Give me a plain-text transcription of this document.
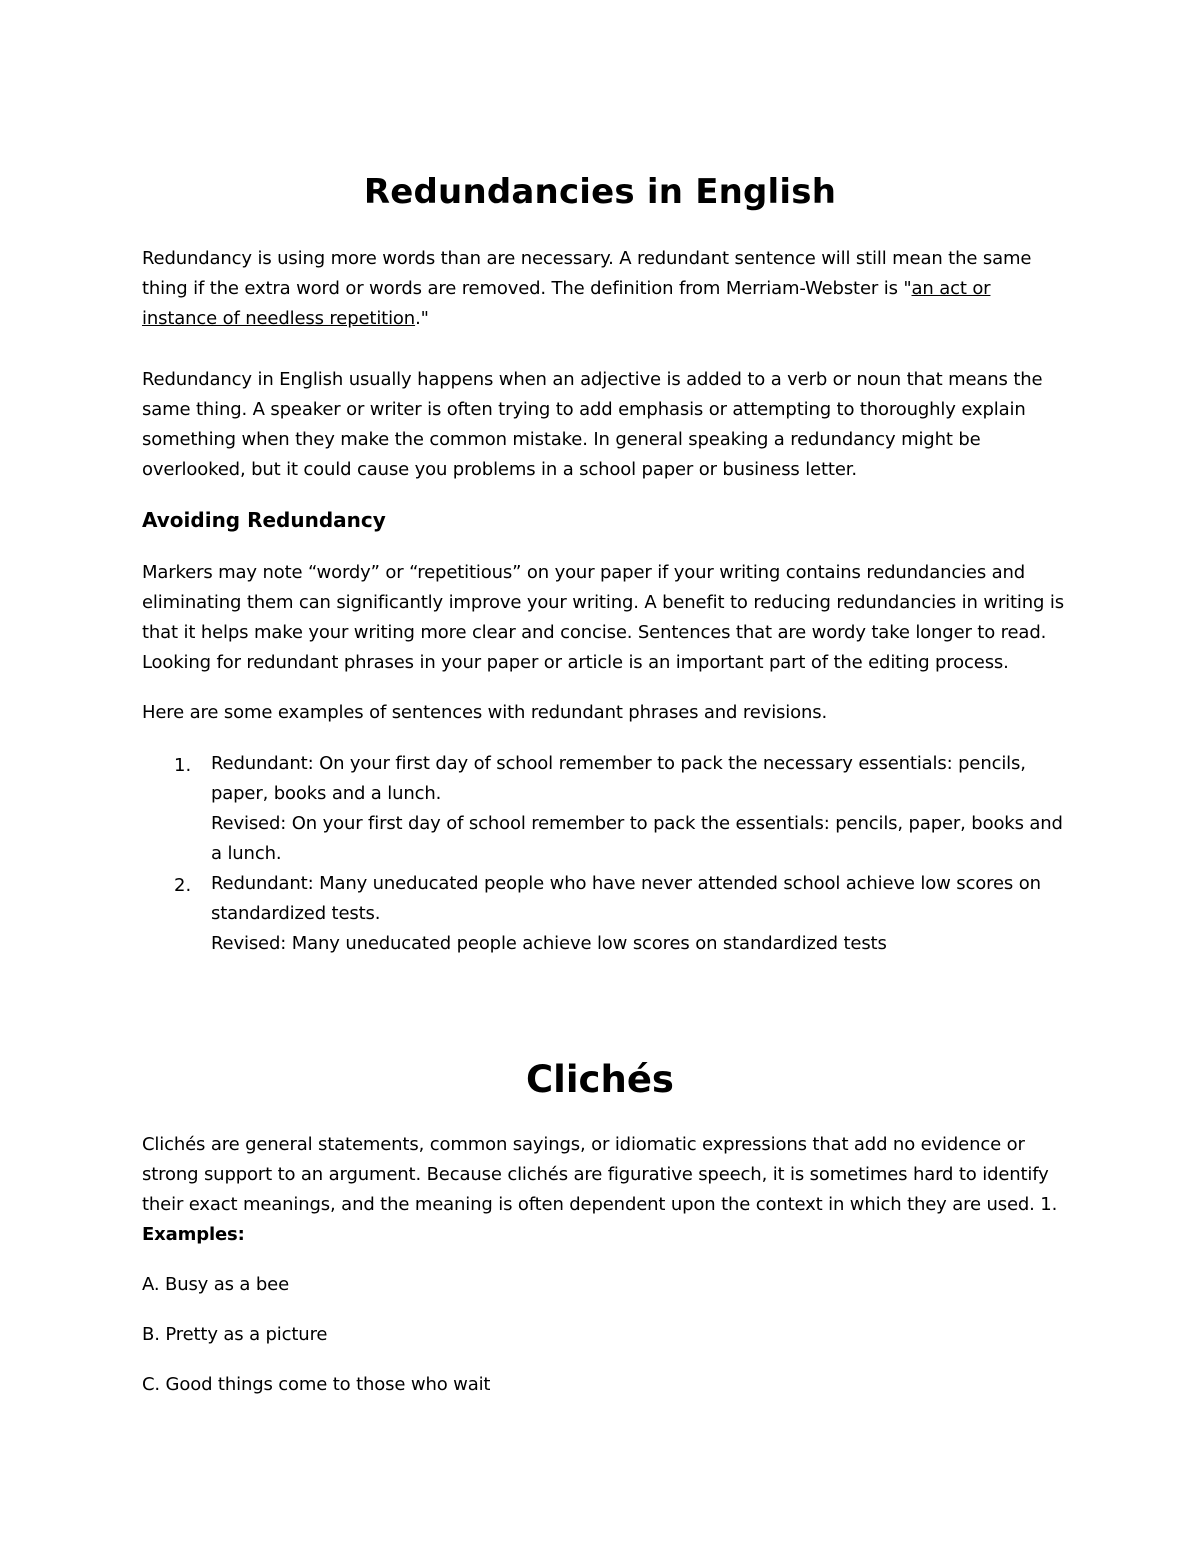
Redundancies in English
Redundancy is using more words than are necessary. A redundant sentence will still mean the same
thing if the extra word or words are removed. The definition from Merriam-Webster is "an act or
instance of needless repetition."
Redundancy in English usually happens when an adjective is added to a verb or noun that means the
same thing. A speaker or writer is often trying to add emphasis or attempting to thoroughly explain
something when they make the common mistake. In general speaking a redundancy might be
overlooked, but it could cause you problems in a school paper or business letter.
Avoiding Redundancy
Markers may note “wordy” or “repetitious” on your paper if your writing contains redundancies and
eliminating them can significantly improve your writing. A benefit to reducing redundancies in writing is
that it helps make your writing more clear and concise. Sentences that are wordy take longer to read.
Looking for redundant phrases in your paper or article is an important part of the editing process.
Here are some examples of sentences with redundant phrases and revisions.
1. Redundant: On your first day of school remember to pack the necessary essentials: pencils,
paper, books and a lunch.
Revised: On your first day of school remember to pack the essentials: pencils, paper, books and
a lunch.
2. Redundant: Many uneducated people who have never attended school achieve low scores on
standardized tests.
Revised: Many uneducated people achieve low scores on standardized tests
Clichés
Clichés are general statements, common sayings, or idiomatic expressions that add no evidence or
strong support to an argument. Because clichés are figurative speech, it is sometimes hard to identify
their exact meanings, and the meaning is often dependent upon the context in which they are used. 1.
Examples:
A. Busy as a bee
B. Pretty as a picture
C. Good things come to those who wait
